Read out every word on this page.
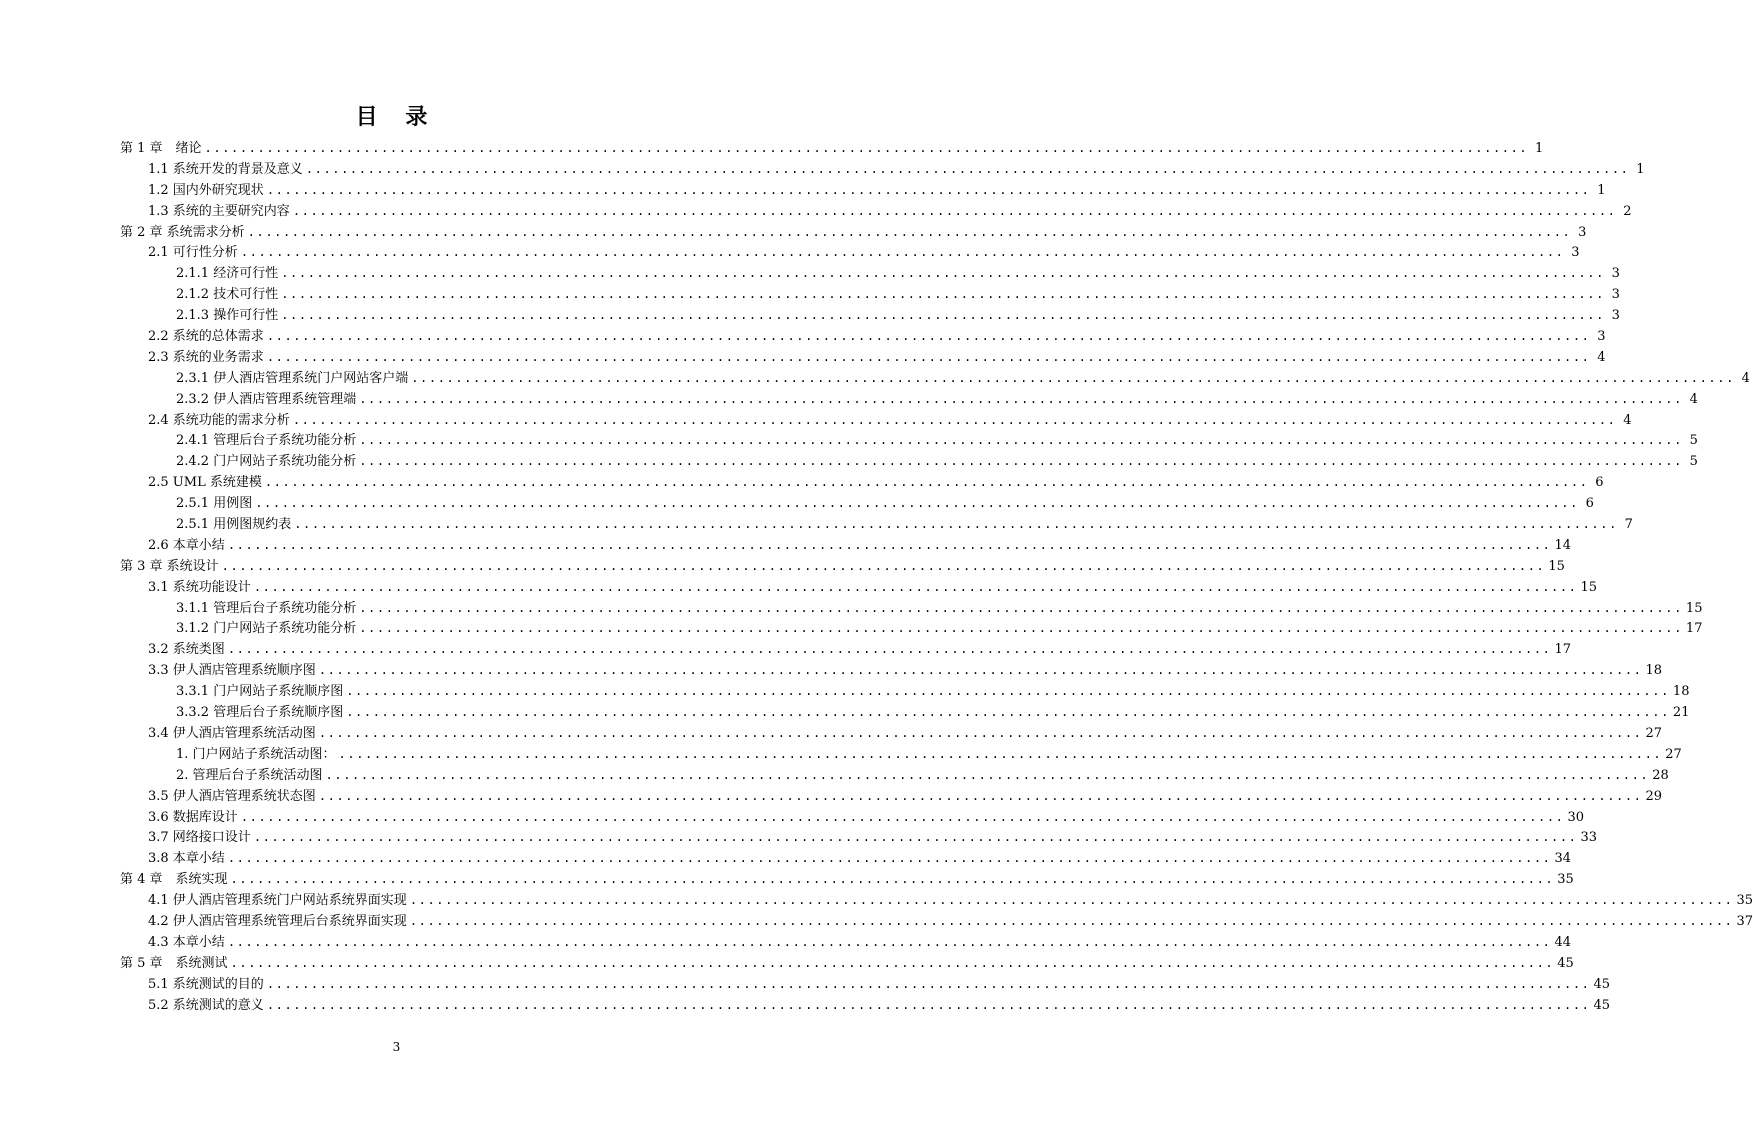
目 录
第 1 章　绪论 ...................................................................................................................................................... 1
1.1 系统开发的背景及意义 ...................................................................................................................................................... 1
1.2 国内外研究现状 ...................................................................................................................................................... 1
1.3 系统的主要研究内容 ...................................................................................................................................................... 2
第 2 章 系统需求分析 ...................................................................................................................................................... 3
2.1 可行性分析 ...................................................................................................................................................... 3
2.1.1 经济可行性 ...................................................................................................................................................... 3
2.1.2 技术可行性 ...................................................................................................................................................... 3
2.1.3 操作可行性 ...................................................................................................................................................... 3
2.2 系统的总体需求 ...................................................................................................................................................... 3
2.3 系统的业务需求 ...................................................................................................................................................... 4
2.3.1 伊人酒店管理系统门户网站客户端 ...................................................................................................................................................... 4
2.3.2 伊人酒店管理系统管理端 ...................................................................................................................................................... 4
2.4 系统功能的需求分析 ...................................................................................................................................................... 4
2.4.1 管理后台子系统功能分析 ...................................................................................................................................................... 5
2.4.2 门户网站子系统功能分析 ...................................................................................................................................................... 5
2.5 UML 系统建模 ...................................................................................................................................................... 6
2.5.1 用例图 ...................................................................................................................................................... 6
2.5.1 用例图规约表 ...................................................................................................................................................... 7
2.6 本章小结 ...................................................................................................................................................... 14
第 3 章 系统设计 ...................................................................................................................................................... 15
3.1 系统功能设计 ...................................................................................................................................................... 15
3.1.1 管理后台子系统功能分析 ...................................................................................................................................................... 15
3.1.2 门户网站子系统功能分析 ...................................................................................................................................................... 17
3.2 系统类图 ...................................................................................................................................................... 17
3.3 伊人酒店管理系统顺序图 ...................................................................................................................................................... 18
3.3.1 门户网站子系统顺序图 ...................................................................................................................................................... 18
3.3.2 管理后台子系统顺序图 ...................................................................................................................................................... 21
3.4 伊人酒店管理系统活动图 ...................................................................................................................................................... 27
1. 门户网站子系统活动图： ...................................................................................................................................................... 27
2. 管理后台子系统活动图 ...................................................................................................................................................... 28
3.5 伊人酒店管理系统状态图 ...................................................................................................................................................... 29
3.6 数据库设计 ...................................................................................................................................................... 30
3.7 网络接口设计 ...................................................................................................................................................... 33
3.8 本章小结 ...................................................................................................................................................... 34
第 4 章　系统实现 ...................................................................................................................................................... 35
4.1 伊人酒店管理系统门户网站系统界面实现 ...................................................................................................................................................... 35
4.2 伊人酒店管理系统管理后台系统界面实现 ...................................................................................................................................................... 37
4.3 本章小结 ...................................................................................................................................................... 44
第 5 章　系统测试 ...................................................................................................................................................... 45
5.1 系统测试的目的 ...................................................................................................................................................... 45
5.2 系统测试的意义 ...................................................................................................................................................... 45
3
